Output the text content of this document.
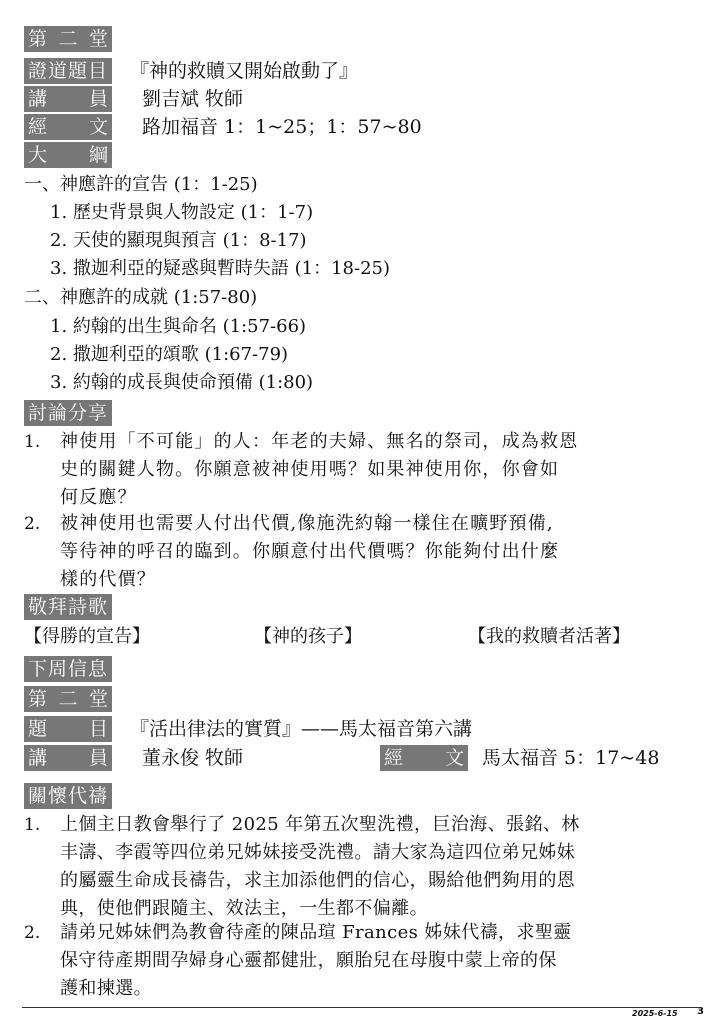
第 二 堂
證道題目 『神的救贖又開始啟動了』
講 員 劉吉斌 牧師
經 文 路加福音 1：1~25；1：57~80
大 綱
一、神應許的宣告 (1：1-25)
1. 歷史背景與人物設定 (1：1-7)
2. 天使的顯現與預言 (1：8-17)
3. 撒迦利亞的疑惑與暫時失語 (1：18-25)
二、神應許的成就 (1:57-80)
1. 約翰的出生與命名 (1:57-66)
2. 撒迦利亞的頌歌 (1:67-79)
3. 約翰的成長與使命預備 (1:80)
討論分享
1. 神使用「不可能」的人：年老的夫婦、無名的祭司，成為救恩
史的關鍵人物。你願意被神使用嗎？如果神使用你，你會如
何反應？
2. 被神使用也需要人付出代價,像施洗約翰一樣住在曠野預備,
等待神的呼召的臨到。你願意付出代價嗎？你能夠付出什麼
樣的代價？
敬拜詩歌
【得勝的宣告】	【神的孩子】	【我的救贖者活著】
下周信息
第 二 堂
題 目 『活出律法的實質』——馬太福音第六講
講 員 董永俊 牧師	經 文 馬太福音 5：17~48
關懷代禱
1. 上個主日教會舉行了 2025 年第五次聖洗禮，巨治海、張銘、林
丰濤、李霞等四位弟兄姊妹接受洗禮。請大家為這四位弟兄姊妹
的屬靈生命成長禱告，求主加添他們的信心，賜給他們夠用的恩
典，使他們跟隨主、效法主，一生都不偏離。
2. 請弟兄姊妹們為教會待產的陳品瑄 Frances 姊妹代禱，求聖靈
保守待產期間孕婦身心靈都健壯，願胎兒在母腹中蒙上帝的保
護和揀選。
2025-6-15 3
